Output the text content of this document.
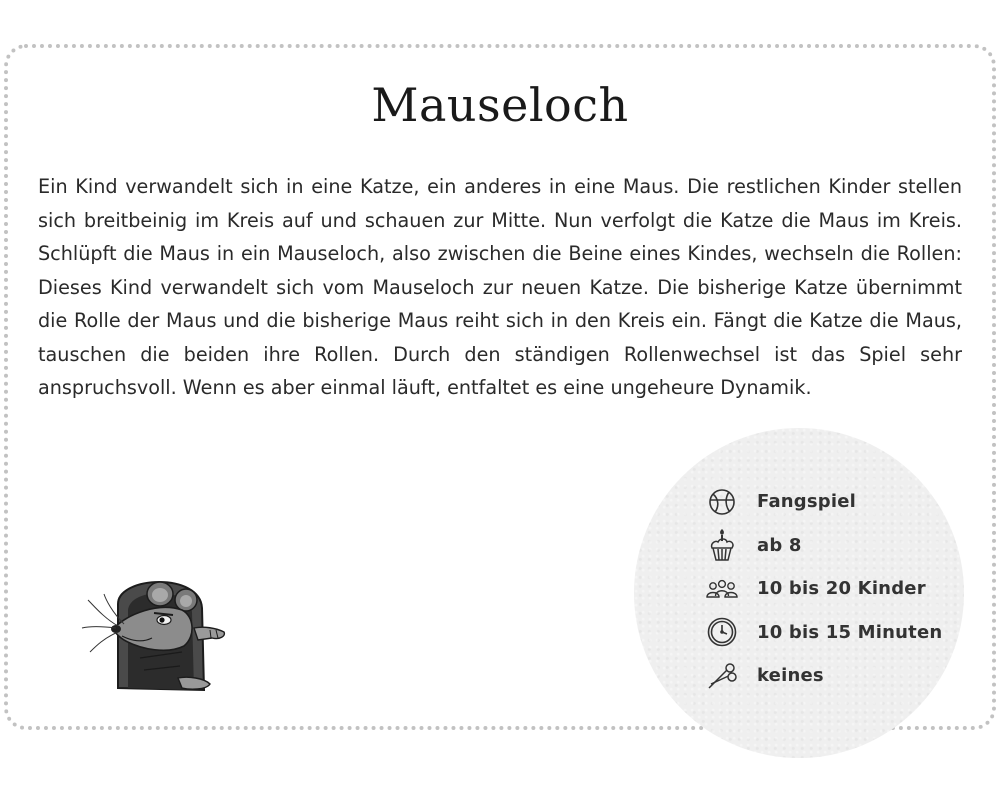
Mauseloch

Ein Kind verwandelt sich in eine Katze, ein anderes in eine Maus. Die restlichen Kinder stellen sich breitbeinig im Kreis auf und schauen zur Mitte. Nun verfolgt die Katze die Maus im Kreis. Schlüpft die Maus in ein Mauseloch, also zwischen die Beine eines Kindes, wechseln die Rollen: Dieses Kind verwandelt sich vom Mauseloch zur neuen Katze. Die bisherige Katze übernimmt die Rolle der Maus und die bisherige Maus reiht sich in den Kreis ein. Fängt die Katze die Maus, tauschen die beiden ihre Rollen. Durch den ständigen Rollenwechsel ist das Spiel sehr anspruchsvoll. Wenn es aber einmal läuft, entfaltet es eine ungeheure Dynamik.

Fangspiel
ab 8
10 bis 20 Kinder
10 bis 15 Minuten
keines
